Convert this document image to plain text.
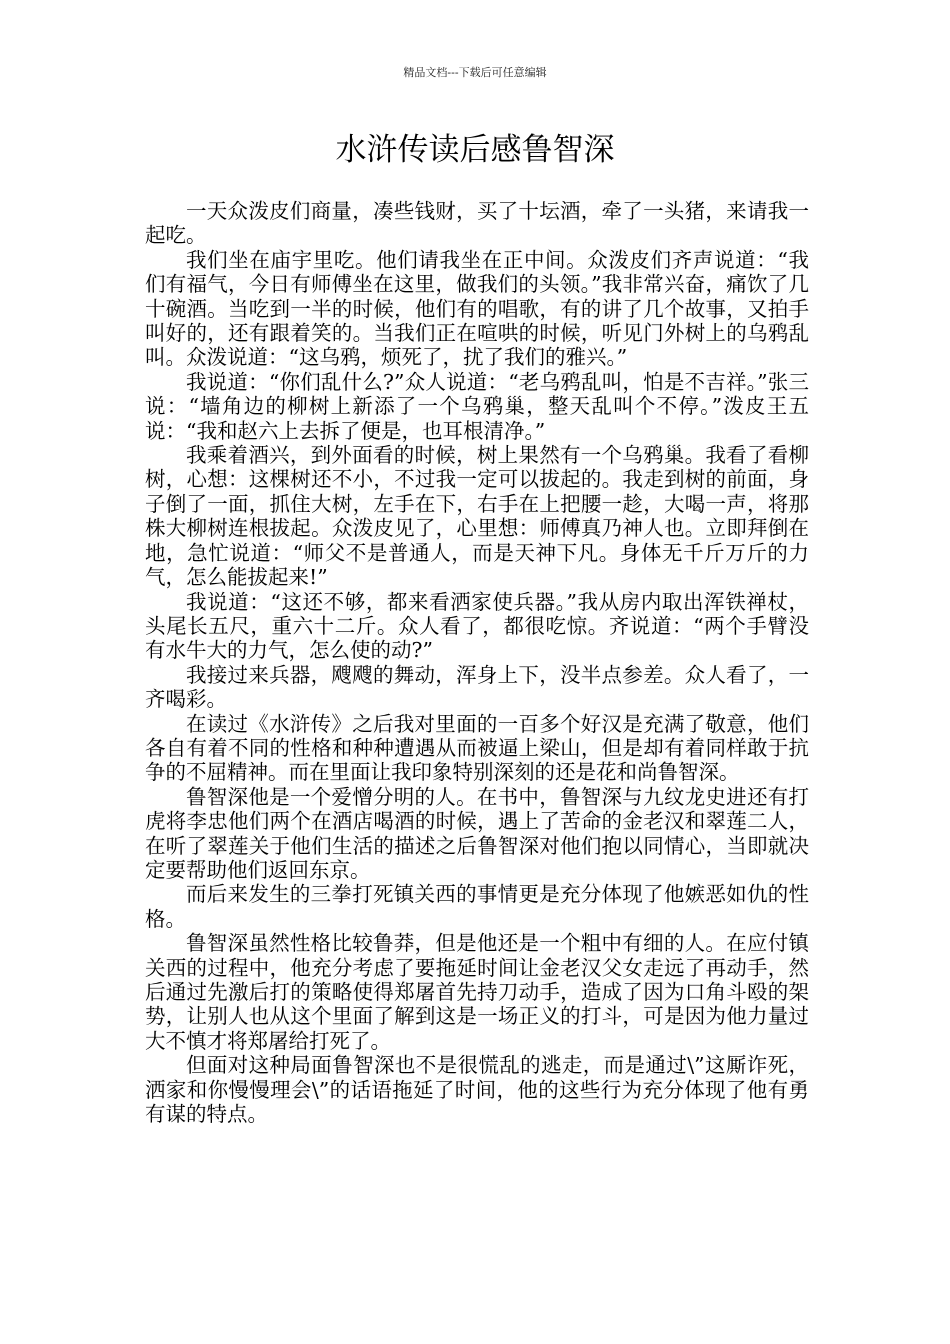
精品文档---下载后可任意编辑
水浒传读后感鲁智深

一天众泼皮们商量，凑些钱财，买了十坛酒，牵了一头猪，来请我一起吃。

我们坐在庙宇里吃。他们请我坐在正中间。众泼皮们齐声说道：“我们有福气，今日有师傅坐在这里，做我们的头领。”我非常兴奋，痛饮了几十碗酒。当吃到一半的时候，他们有的唱歌，有的讲了几个故事，又拍手叫好的，还有跟着笑的。当我们正在喧哄的时候，听见门外树上的乌鸦乱叫。众泼说道：“这乌鸦，烦死了，扰了我们的雅兴。”

我说道：“你们乱什么?”众人说道：“老乌鸦乱叫，怕是不吉祥。”张三说：“墙角边的柳树上新添了一个乌鸦巢，整天乱叫个不停。”泼皮王五说：“我和赵六上去拆了便是，也耳根清净。”

我乘着酒兴，到外面看的时候，树上果然有一个乌鸦巢。我看了看柳树，心想：这棵树还不小，不过我一定可以拔起的。我走到树的前面，身子倒了一面，抓住大树，左手在下，右手在上把腰一趁，大喝一声，将那株大柳树连根拔起。众泼皮见了，心里想：师傅真乃神人也。立即拜倒在地，急忙说道：“师父不是普通人，而是天神下凡。身体无千斤万斤的力气，怎么能拔起来!”

我说道：“这还不够，都来看洒家使兵器。”我从房内取出浑铁禅杖，头尾长五尺，重六十二斤。众人看了，都很吃惊。齐说道：“两个手臂没有水牛大的力气，怎么使的动?”

我接过来兵器，飕飕的舞动，浑身上下，没半点参差。众人看了，一齐喝彩。

在读过《水浒传》之后我对里面的一百多个好汉是充满了敬意，他们各自有着不同的性格和种种遭遇从而被逼上梁山，但是却有着同样敢于抗争的不屈精神。而在里面让我印象特别深刻的还是花和尚鲁智深。

鲁智深他是一个爱憎分明的人。在书中，鲁智深与九纹龙史进还有打虎将李忠他们两个在酒店喝酒的时候，遇上了苦命的金老汉和翠莲二人，在听了翠莲关于他们生活的描述之后鲁智深对他们抱以同情心，当即就决定要帮助他们返回东京。

而后来发生的三拳打死镇关西的事情更是充分体现了他嫉恶如仇的性格。

鲁智深虽然性格比较鲁莽，但是他还是一个粗中有细的人。在应付镇关西的过程中，他充分考虑了要拖延时间让金老汉父女走远了再动手，然后通过先激后打的策略使得郑屠首先持刀动手，造成了因为口角斗殴的架势，让别人也从这个里面了解到这是一场正义的打斗，可是因为他力量过大不慎才将郑屠给打死了。

但面对这种局面鲁智深也不是很慌乱的逃走，而是通过\”这厮诈死，洒家和你慢慢理会\”的话语拖延了时间，他的这些行为充分体现了他有勇有谋的特点。
